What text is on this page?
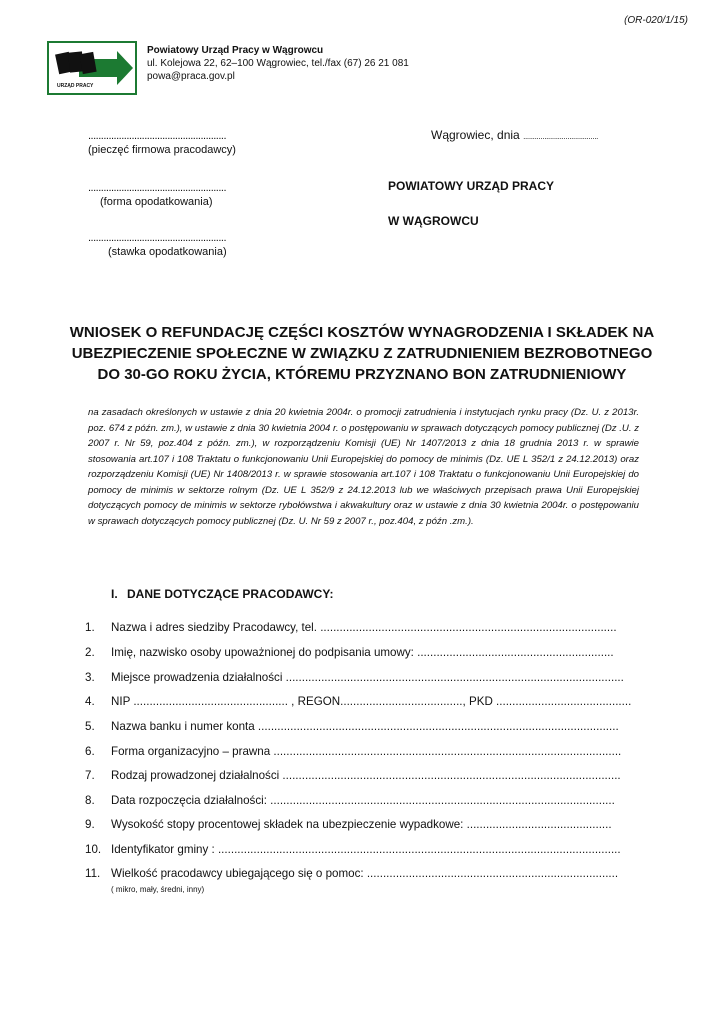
(OR-020/1/15)
URZĄD PRACY
Powiatowy Urząd Pracy w Wągrowcu
ul. Kolejowa 22, 62–100 Wągrowiec, tel./fax (67) 26 21 081
powa@praca.gov.pl
......................................................
(pieczęć firmowa pracodawcy)
......................................................
(forma opodatkowania)
......................................................
(stawka opodatkowania)
Wągrowiec, dnia .......................................
POWIATOWY URZĄD PRACY
W WĄGROWCU
WNIOSEK O REFUNDACJĘ CZĘŚCI KOSZTÓW WYNAGRODZENIA I SKŁADEK NA
UBEZPIECZENIE SPOŁECZNE W ZWIĄZKU Z ZATRUDNIENIEM BEZROBOTNEGO
DO 30-GO ROKU ŻYCIA, KTÓREMU PRZYZNANO BON ZATRUDNIENIOWY
na zasadach określonych w ustawie z dnia 20 kwietnia 2004r. o promocji zatrudnienia i instytucjach rynku pracy (Dz. U. z 2013r. poz. 674 z późn. zm.), w ustawie z dnia 30 kwietnia 2004 r. o postępowaniu w sprawach dotyczących pomocy publicznej (Dz .U. z 2007 r. Nr 59, poz.404 z późn. zm.), w rozporządzeniu Komisji (UE) Nr 1407/2013 z dnia 18 grudnia 2013 r. w sprawie stosowania art.107 i 108 Traktatu o funkcjonowaniu Unii Europejskiej do pomocy de minimis (Dz. UE L 352/1 z 24.12.2013) oraz rozporządzeniu Komisji (UE) Nr 1408/2013 r. w sprawie stosowania art.107 i 108 Traktatu o funkcjonowaniu Unii Europejskiej do pomocy de minimis w sektorze rolnym (Dz. UE L 352/9 z 24.12.2013 lub we właściwych przepisach prawa Unii Europejskiej dotyczących pomocy de minimis w sektorze rybołówstwa i akwakultury oraz w ustawie z dnia 30 kwietnia 2004r. o postępowaniu w sprawach dotyczących pomocy publicznej (Dz. U. Nr 59 z 2007 r., poz.404, z późn .zm.).
I. DANE DOTYCZĄCE PRACODAWCY:
1.	Nazwa i adres siedziby Pracodawcy, tel. ............................................................................................
2.	Imię, nazwisko osoby upoważnionej do podpisania umowy: .............................................................
3.	Miejsce prowadzenia działalności .........................................................................................................
4.	NIP ................................................ , REGON......................................, PKD ..........................................
5.	Nazwa banku i numer konta ................................................................................................................
6.	Forma organizacyjno – prawna ............................................................................................................
7.	Rodzaj prowadzonej działalności .........................................................................................................
8.	Data rozpoczęcia działalności: ...........................................................................................................
9.	Wysokość stopy procentowej składek na ubezpieczenie wypadkowe: .............................................
10. Identyfikator gminy : .............................................................................................................................
11. Wielkość pracodawcy ubiegającego się o pomoc: ..............................................................................
( mikro, mały, średni, inny)
